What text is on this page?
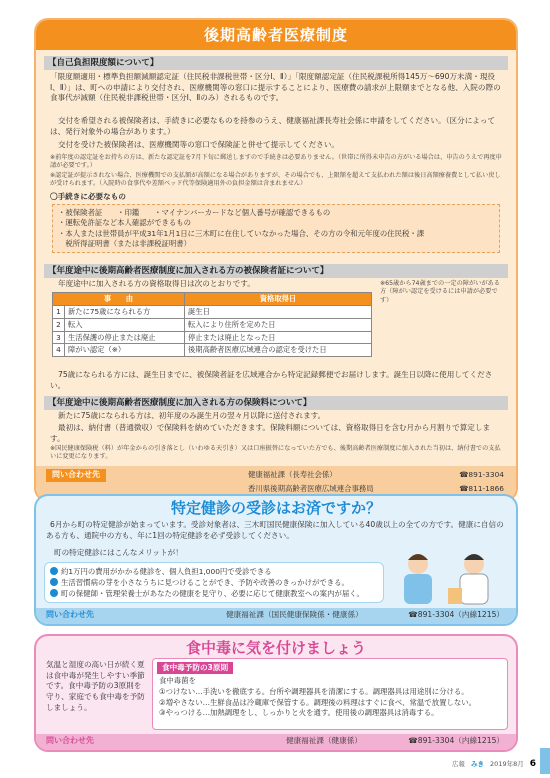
後期高齢者医療制度
【自己負担限度額について】
「限度額適用・標準負担額減額認定証（住民税非課税世帯・区分Ⅰ、Ⅱ）」「限度額認定証（住民税課税所得145万〜690万未満・現役Ⅰ、Ⅱ）」は、町への申請により交付され、医療機関等の窓口に提示することにより、医療費の請求が上限額までとなる他、入院の際の食事代が減額（住民税非課税世帯・区分Ⅰ、Ⅱのみ）されるものです。
交付を希望される被保険者は、手続きに必要なものを持参のうえ、健康福祉課長寿社会係に申請をしてください。（区分によっては、発行対象外の場合があります。）
交付を受けた被保険者は、医療機関等の窓口で保険証と併せて提示してください。
※前年度の認定証をお持ちの方は、新たな認定証を7月下旬に郵送しますので手続きは必要ありません。（世帯に所得未申告の方がいる場合は、申告のうえで再度申請が必要です。）
※認定証が提示されない場合、医療機関での支払額が高額になる場合がありますが、その場合でも、上限額を超えて支払われた額は後日高額療養費として払い戻しが受けられます。（入院時の食事代や差額ベッド代等保険適用外の負担金額は含まれません）
〇手続きに必要なもの
・被保険者証　　・印鑑　　・マイナンバーカードなど個人番号が確認できるもの
・運転免許証など本人確認ができるもの
・本人または世帯員が平成31年1月1日に三木町に在住していなかった場合、その方の令和元年度の住民税・課
　税所得証明書（または非課税証明書）
【年度途中に後期高齢者医療制度に加入される方の被保険者証について】
年度途中に加入される方の資格取得日は次のとおりです。	※65歳から74歳までの一定の障がいがある方（障がい認定を受けるには申請が必要です）
事　　由		資格取得日
1	新たに75歳になられる方	誕生日
2	転入	転入により住所を定めた日
3	生活保護の停止または廃止	停止または廃止となった日
4	障がい認定（※）	後期高齢者医療広域連合の認定を受けた日
75歳になられる方には、誕生日までに、被保険者証を広域連合から特定記録郵便でお届けします。誕生日以降に使用してください。
【年度途中に後期高齢者医療制度に加入される方の保険料について】
新たに75歳になられる方は、初年度のみ誕生月の翌々月以降に送付されます。
最初は、納付書（普通徴収）で保険料を納めていただきます。保険料額については、資格取得日を含む月から月割りで算定します。
※国民健康保険税（料）が年金からの引き落とし（いわゆる天引き）又は口座振替になっていた方でも、後期高齢者医療制度に加入された当初は、納付書での支払いに変更になります。
問い合わせ先	健康福祉課（長寿社会係）	☎891-3304
香川県後期高齢者医療広域連合事務局	☎811-1866
特定健診の受診はお済ですか？
6月から町の特定健診が始まっています。受診対象者は、三木町国民健康保険に加入している40歳以上の全ての方です。健康に自信のある方も、通院中の方も、年に1回の特定健診を必ず受診してください。
町の特定健診にはこんなメリットが！
約1万円の費用がかかる健診を、個人負担1,000円で受診できる
生活習慣病の芽を小さなうちに見つけることができ、予防や改善のきっかけができる。
町の保健師・管理栄養士があなたの健康を見守り、必要に応じて健康教室への案内が届く。
問い合わせ先	健康福祉課（国民健康保険係・健康係）	☎891-3304（内線1215）
食中毒に気を付けましょう
気温と湿度の高い日が続く夏は食中毒が発生しやすい季節です。食中毒予防の3原則を守り、家庭でも食中毒を予防しましょう。
食中毒予防の3原則
食中毒菌を
①つけない…手洗いを徹底する。台所や調理器具を清潔にする。調理器具は用途別に分ける。
②増やさない…生鮮食品は冷蔵庫で保管する。調理後の料理はすぐに食べ、常温で放置しない。
③やっつける…加熱調理をし、しっかりと火を通す。使用後の調理器具は消毒する。
問い合わせ先	健康福祉課（健康係）	☎891-3304（内線1215）
広報 みき 2019年8月 6
